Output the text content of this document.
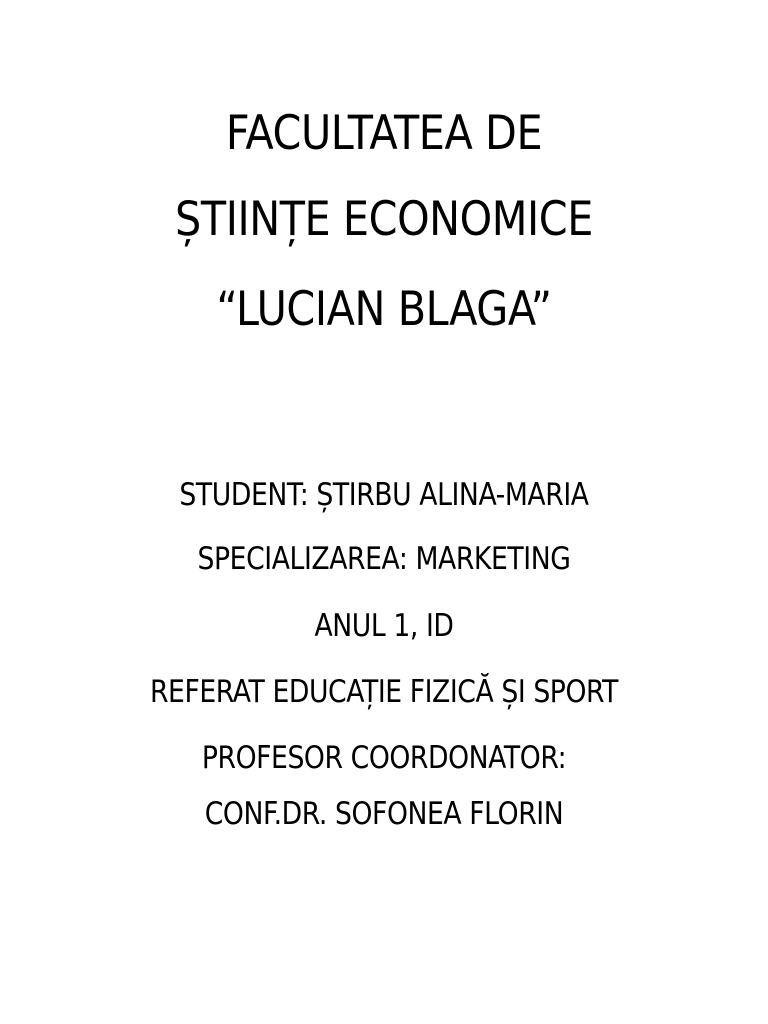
FACULTATEA DE
ȘTIINȚE ECONOMICE
“LUCIAN BLAGA”
STUDENT: ȘTIRBU ALINA-MARIA
SPECIALIZAREA: MARKETING
ANUL 1, ID
REFERAT EDUCAȚIE FIZICĂ ȘI SPORT
PROFESOR COORDONATOR:
CONF.DR. SOFONEA FLORIN
